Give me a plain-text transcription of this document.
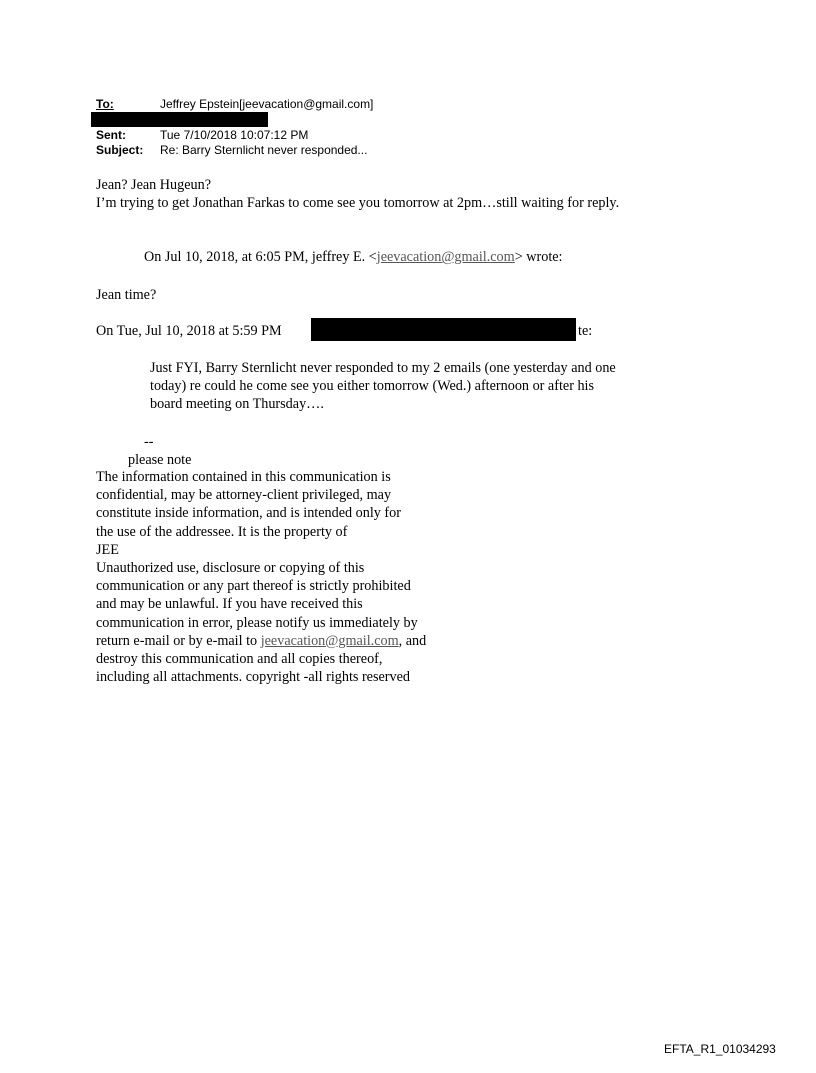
To:	Jeffrey Epstein[jeevacation@gmail.com]
Sent:	Tue 7/10/2018 10:07:12 PM
Subject: Re: Barry Sternlicht never responded...
Jean? Jean Hugeun?
I’m trying to get Jonathan Farkas to come see you tomorrow at 2pm…still waiting for reply.
On Jul 10, 2018, at 6:05 PM, jeffrey E. <jeevacation@gmail.com> wrote:
Jean time?
On Tue, Jul 10, 2018 at 5:59 PM	te:
Just FYI, Barry Sternlicht never responded to my 2 emails (one yesterday and one
today) re could he come see you either tomorrow (Wed.) afternoon or after his
board meeting on Thursday….
--
please note
The information contained in this communication is
confidential, may be attorney-client privileged, may
constitute inside information, and is intended only for
the use of the addressee. It is the property of
JEE
Unauthorized use, disclosure or copying of this
communication or any part thereof is strictly prohibited
and may be unlawful. If you have received this
communication in error, please notify us immediately by
return e-mail or by e-mail to jeevacation@gmail.com, and
destroy this communication and all copies thereof,
including all attachments. copyright -all rights reserved
EFTA_R1_01034293
